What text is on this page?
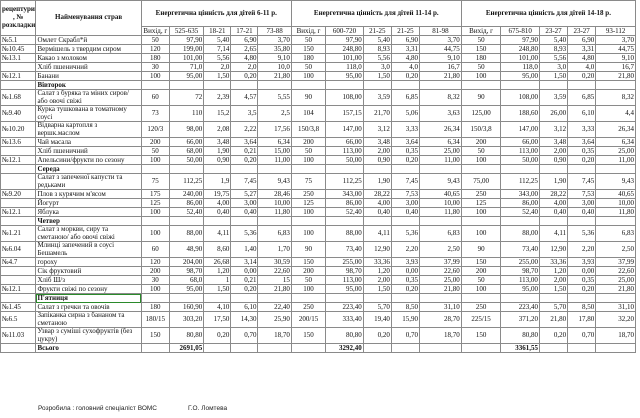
рецептури , № розкладки	Найменування страв	Енергетична цінність для дітей 6-11 р.					Енергетична цінність для дітей 11-14 р.					Енергетична цінність для дітей 14-18 р.				
		Вихід, г	525-635	18-21	17-21	73-88	Вихід, г	600-720	21-25	21-25	81-98	Вихід, г	675-810	23-27	23-27	93-112
№5.1	Омлет Скрабл*й	50	97,90	5,40	6,90	3,70	50	97,90	5,40	6,90	3,70	50	97,90	5,40	6,90	3,70
№10.45	Вермішель з твердим сиром	120	199,00	7,14	2,65	35,80	150	248,80	8,93	3,31	44,75	150	248,80	8,93	3,31	44,75
№13.1	Какао з молоком	180	101,00	5,56	4,80	9,10	180	101,00	5,56	4,80	9,10	180	101,00	5,56	4,80	9,10
	Хліб пшеничний	30	71,0	2,0	2,0	10,0	50	118,0	3,0	4,0	16,7	50	118,0	3,0	4,0	16,7
№12.1	Банани	100	95,00	1,50	0,20	21,80	100	95,00	1,50	0,20	21,80	100	95,00	1,50	0,20	21,80
	Вівторок															
№1.68	Салат з буряка та міних сиров/ або овочі свіжі	60	72	2,39	4,57	5,55	90	108,00	3,59	6,85	8,32	90	108,00	3,59	6,85	8,32
№9.40	Курка тушкована в томатному соусі	73	110	15,2	3,5	2,5	104	157,15	21,70	5,06	3,63	125,00	188,60	26,00	6,10	4,4
№10.20	Відварна картопля з вершк.маслом	120/3	98,00	2,08	2,22	17,56	150/3,8	147,00	3,12	3,33	26,34	150/3,8	147,00	3,12	3,33	26,34
№13.6	Чай масала	200	66,00	3,48	3,64	6,34	200	66,00	3,48	3,64	6,34	200	66,00	3,48	3,64	6,34
	Хліб пшеничний	50	68,00	1,90	0,21	15,00	50	113,00	2,00	0,35	25,00	50	113,00	2,00	0,35	25,00
№12.1	Апельсини/фрукти по сезону	100	50,00	0,90	0,20	11,00	100	50,00	0,90	0,20	11,00	100	50,00	0,90	0,20	11,00
	Середа															
	Салат з запеченої капусти та редьками	75	112,25	1,9	7,45	9,43	75	112,25	1,90	7,45	9,43	75,00	112,25	1,90	7,45	9,43
№9.20	Плов з курячим м'ясом	175	240,00	19,75	5,27	28,46	250	343,00	28,22	7,53	40,65	250	343,00	28,22	7,53	40,65
	Йогурт	125	86,00	4,00	3,00	10,00	125	86,00	4,00	3,00	10,00	125	86,00	4,00	3,00	10,00
№12.1	Яблука	100	52,40	0,40	0,40	11,80	100	52,40	0,40	0,40	11,80	100	52,40	0,40	0,40	11,80
	Четвер															
№1.21	Салат з моркви, сиру та сметаною/ або овочі свіжі	100	88,00	4,11	5,36	6,83	100	88,00	4,11	5,36	6,83	100	88,00	4,11	5,36	6,83
№6.04	Млинці запечений в соусі Бешамель	60	48,90	8,60	1,40	1,70	90	73,40	12,90	2,20	2,50	90	73,40	12,90	2,20	2,50
№4.7	гороху	120	204,00	26,68	3,14	30,59	150	255,00	33,36	3,93	37,99	150	255,00	33,36	3,93	37,99
	Сік фруктовий	200	98,70	1,20	0,00	22,60	200	98,70	1,20	0,00	22,60	200	98,70	1,20	0,00	22,60
	Хліб Ш/з	30	68,0	1	0,21	15	50	113,00	2,00	0,35	25,00	50	113,00	2,00	0,35	25,00
№12.1	Фрукти свіжі по сезону	100	95,00	1,50	0,20	21,80	100	95,00	1,50	0,20	21,80	100	95,00	1,50	0,20	21,80
	П'ятниця															
№1.45	Салат з гречки та овочів	180	160,90	4,10	6,10	22,40	250	223,40	5,70	8,50	31,10	250	223,40	5,70	8,50	31,10
№6.5	Запіканка сирна з бананом та сметаною	180/15	303,20	17,50	14,30	25,90	200/15	333,40	19,40	15,90	28,70	225/15	371,20	21,80	17,80	32,20
№11.03	Узвар з суміші сухофруктів (без цукру)	150	80,80	0,20	0,70	18,70	150	80,80	0,20	0,70	18,70	150	80,80	0,20	0,70	18,70
	Всього		2691,05					3292,40					3361,55			
Розробила : головний спеціаліст ВОМС	Г.О. Ломтева
